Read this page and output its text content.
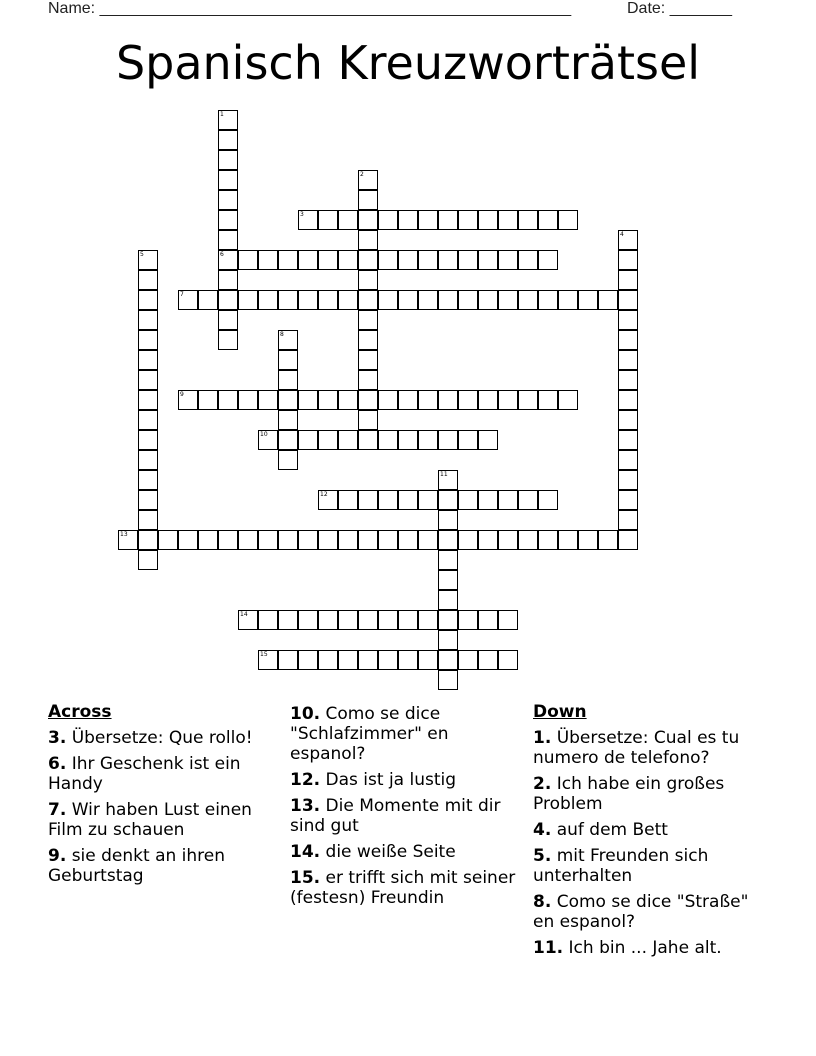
Name: _____________________________________________________	Date: _______
Spanisch Kreuzworträtsel
1
6
2
3
4
5
7
8
9
10
11
12
13
14
15
Across
3. Übersetze: Que rollo!
6. Ihr Geschenk ist ein Handy
7. Wir haben Lust einen Film zu schauen
9. sie denkt an ihren Geburtstag
10. Como se dice "Schlafzimmer" en espanol?
12. Das ist ja lustig
13. Die Momente mit dir sind gut
14. die weiße Seite
15. er trifft sich mit seiner (festesn) Freundin
Down
1. Übersetze: Cual es tu numero de telefono?
2. Ich habe ein großes Problem
4. auf dem Bett
5. mit Freunden sich unterhalten
8. Como se dice "Straße" en espanol?
11. Ich bin ... Jahe alt.
